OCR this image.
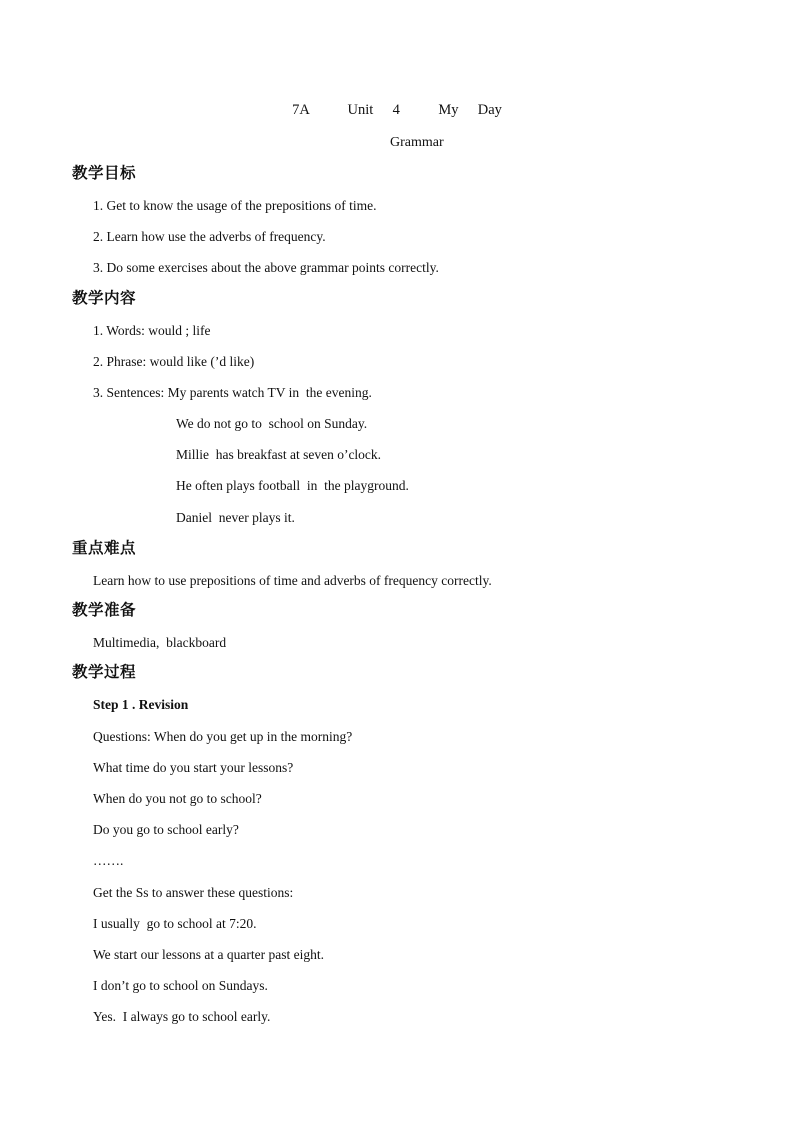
7A    Unit  4    My  Day
Grammar
教学目标
1. Get to know the usage of the prepositions of time.
2. Learn how use the adverbs of frequency.
3. Do some exercises about the above grammar points correctly.
教学内容
1. Words: would ; life
2. Phrase: would like (’d like)
3. Sentences: My parents watch TV in  the evening.
We do not go to  school on Sunday.
Millie  has breakfast at seven o’clock.
He often plays football  in  the playground.
Daniel  never plays it.
重点难点
Learn how to use prepositions of time and adverbs of frequency correctly.
教学准备
Multimedia,  blackboard
教学过程
Step 1 . Revision
Questions: When do you get up in the morning?
What time do you start your lessons?
When do you not go to school?
Do you go to school early?
…….
Get the Ss to answer these questions:
I usually  go to school at 7:20.
We start our lessons at a quarter past eight.
I don’t go to school on Sundays.
Yes.  I always go to school early.
